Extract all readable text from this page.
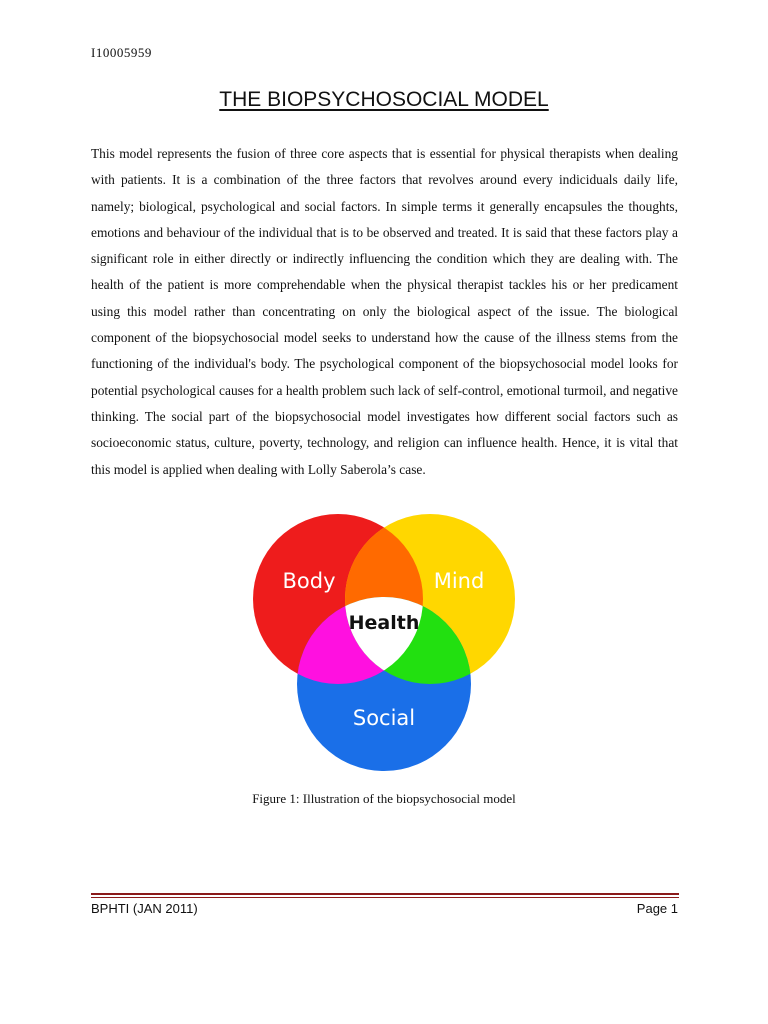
I10005959
THE BIOPSYCHOSOCIAL MODEL
This model represents the fusion of three core aspects that is essential for physical therapists when dealing with patients. It is a combination of the three factors that revolves around every indiciduals daily life, namely; biological, psychological and social factors. In simple terms it generally encapsules the thoughts, emotions and behaviour of the individual that is to be observed and treated. It is said that these factors play a significant role in either directly or indirectly influencing the condition which they are dealing with. The health of the patient is more comprehendable when the physical therapist tackles his or her predicament using this model rather than concentrating on only the biological aspect of the issue. The biological component of the biopsychosocial model seeks to understand how the cause of the illness stems from the functioning of the individual's body. The psychological component of the biopsychosocial model looks for potential psychological causes for a health problem such lack of self-control, emotional turmoil, and negative thinking. The social part of the biopsychosocial model investigates how different social factors such as socioeconomic status, culture, poverty, technology, and religion can influence health. Hence, it is vital that this model is applied when dealing with Lolly Saberola’s case.
Body	Mind
Health
Social
Figure 1: Illustration of the biopsychosocial model
BPHTI (JAN 2011)	Page 1
